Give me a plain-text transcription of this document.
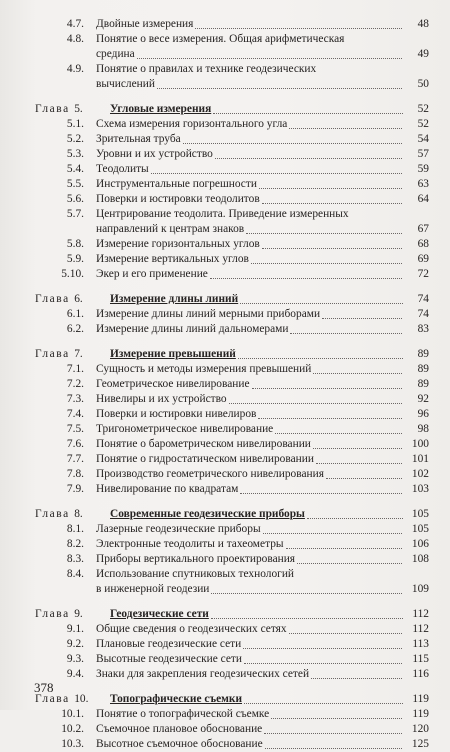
4.7. Двойные измерения	48
4.8. Понятие о весе измерения. Общая арифметическая
средина	49
4.9. Понятие о правилах и технике геодезических
вычислений	50
Глава 5. Угловые измерения	52
5.1. Схема измерения горизонтального угла	52
5.2. Зрительная труба	54
5.3. Уровни и их устройство	57
5.4. Теодолиты	59
5.5. Инструментальные погрешности	63
5.6. Поверки и юстировки теодолитов	64
5.7. Центрирование теодолита. Приведение измеренных
направлений к центрам знаков	67
5.8. Измерение горизонтальных углов	68
5.9. Измерение вертикальных углов	69
5.10. Экер и его применение	72
Глава 6. Измерение длины линий	74
6.1. Измерение длины линий мерными приборами	74
6.2. Измерение длины линий дальномерами	83
Глава 7. Измерение превышений	89
7.1. Сущность и методы измерения превышений	89
7.2. Геометрическое нивелирование	89
7.3. Нивелиры и их устройство	92
7.4. Поверки и юстировки нивелиров	96
7.5. Тригонометрическое нивелирование	98
7.6. Понятие о барометрическом нивелировании	100
7.7. Понятие о гидростатическом нивелировании	101
7.8. Производство геометрического нивелирования	102
7.9. Нивелирование по квадратам	103
Глава 8. Современные геодезические приборы	105
8.1. Лазерные геодезические приборы	105
8.2. Электронные теодолиты и тахеометры	106
8.3. Приборы вертикального проектирования	108
8.4. Использование спутниковых технологий
в инженерной геодезии	109
Глава 9. Геодезические сети	112
9.1. Общие сведения о геодезических сетях	112
9.2. Плановые геодезические сети	113
9.3. Высотные геодезические сети	115
9.4. Знаки для закрепления геодезических сетей	116
Глава 10. Топографические съемки	119
10.1. Понятие о топографической съемке	119
10.2. Съемочное плановое обоснование	120
10.3. Высотное съемочное обоснование	125
378
